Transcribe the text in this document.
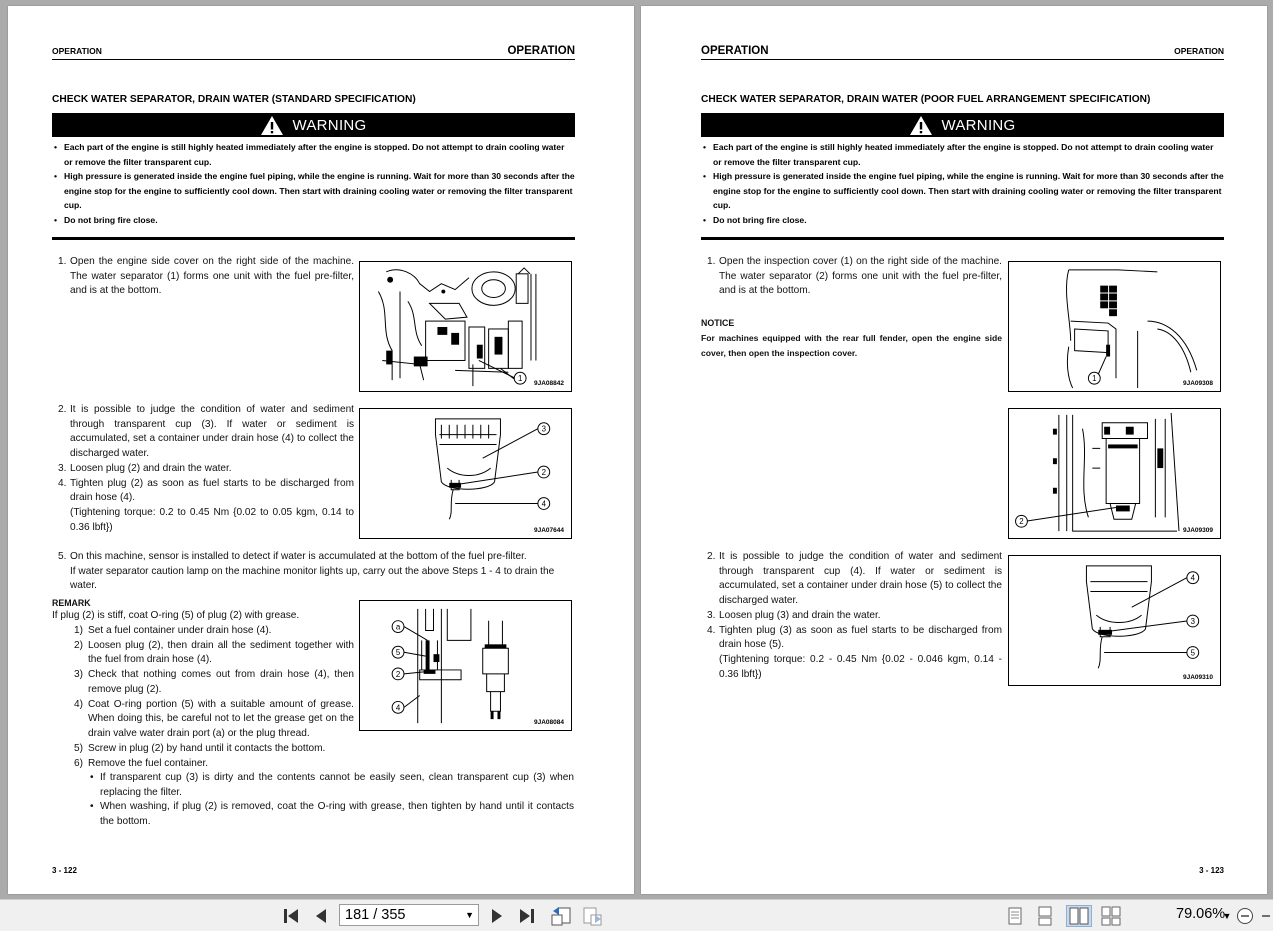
OPERATION	OPERATION
CHECK WATER SEPARATOR, DRAIN WATER (STANDARD SPECIFICATION)
WARNING
• Each part of the engine is still highly heated immediately after the engine is stopped. Do not attempt to drain cooling water or remove the filter transparent cup.
• High pressure is generated inside the engine fuel piping, while the engine is running. Wait for more than 30 seconds after the engine stop for the engine to sufficiently cool down. Then start with draining cooling water or removing the filter transparent cup.
• Do not bring fire close.
1. Open the engine side cover on the right side of the machine. The water separator (1) forms one unit with the fuel pre-filter, and is at the bottom.
1
9JA08842
2. It is possible to judge the condition of water and sediment through transparent cup (3). If water or sediment is accumulated, set a container under drain hose (4) to collect the discharged water.
3. Loosen plug (2) and drain the water.
4. Tighten plug (2) as soon as fuel starts to be discharged from drain hose (4).
(Tightening torque: 0.2 to 0.45 Nm {0.02 to 0.05 kgm, 0.14 to 0.36 lbft})
3
2
4
9JA07644
5. On this machine, sensor is installed to detect if water is accumulated at the bottom of the fuel pre-filter.
If water separator caution lamp on the machine monitor lights up, carry out the above Steps 1 - 4 to drain the water.
REMARK
If plug (2) is stiff, coat O-ring (5) of plug (2) with grease.
1) Set a fuel container under drain hose (4).
2) Loosen plug (2), then drain all the sediment together with the fuel from drain hose (4).
3) Check that nothing comes out from drain hose (4), then remove plug (2).
4) Coat O-ring portion (5) with a suitable amount of grease. When doing this, be careful not to let the grease get on the drain valve water drain port (a) or the plug thread.
5) Screw in plug (2) by hand until it contacts the bottom.
6) Remove the fuel container.
• If transparent cup (3) is dirty and the contents cannot be easily seen, clean transparent cup (3) when replacing the filter.
• When washing, if plug (2) is removed, coat the O-ring with grease, then tighten by hand until it contacts the bottom.
a
5
2
4
9JA08084
3 - 122
OPERATION	OPERATION
CHECK WATER SEPARATOR, DRAIN WATER (POOR FUEL ARRANGEMENT SPECIFICATION)
WARNING
• Each part of the engine is still highly heated immediately after the engine is stopped. Do not attempt to drain cooling water or remove the filter transparent cup.
• High pressure is generated inside the engine fuel piping, while the engine is running. Wait for more than 30 seconds after the engine stop for the engine to sufficiently cool down. Then start with draining cooling water or removing the filter transparent cup.
• Do not bring fire close.
1. Open the inspection cover (1) on the right side of the machine. The water separator (2) forms one unit with the fuel pre-filter, and is at the bottom.
NOTICE
For machines equipped with the rear full fender, open the engine side cover, then open the inspection cover.
1
9JA09308
2
9JA09309
2. It is possible to judge the condition of water and sediment through transparent cup (4). If water or sediment is accumulated, set a container under drain hose (5) to collect the discharged water.
3. Loosen plug (3) and drain the water.
4. Tighten plug (3) as soon as fuel starts to be discharged from drain hose (5).
(Tightening torque: 0.2 - 0.45 Nm {0.02 - 0.046 kgm, 0.14 - 0.36 lbft})
4
3
5
9JA09310
3 - 123
181 / 355	▼	79.06%
▼
